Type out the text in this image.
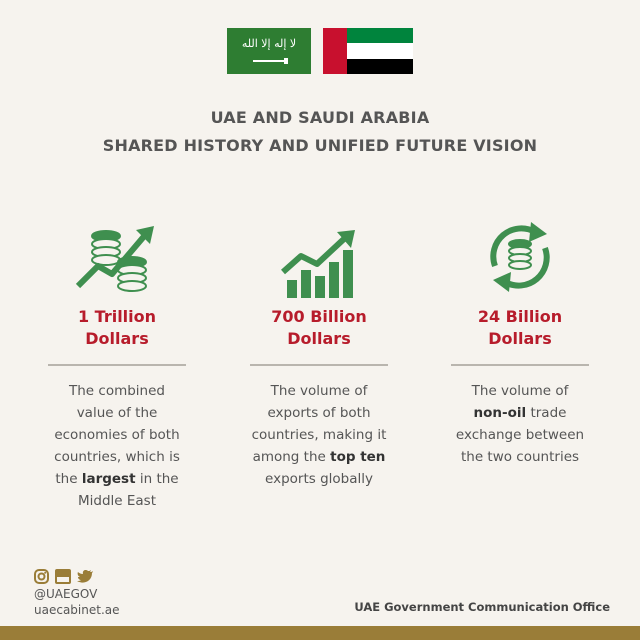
ﻻ ﺇﻟﻪ ﺇﻻ ﺍﻟﻠﻪ
UAE AND SAUDI ARABIA
SHARED HISTORY AND UNIFIED FUTURE VISION
1 Trillion
Dollars
The combined
value of the
economies of both
countries, which is
the largest in the
Middle East
700 Billion
Dollars
The volume of
exports of both
countries, making it
among the top ten
exports globally
24 Billion
Dollars
The volume of
non-oil trade
exchange between
the two countries
@UAEGOV
uaecabinet.ae	UAE Government Communication Office
